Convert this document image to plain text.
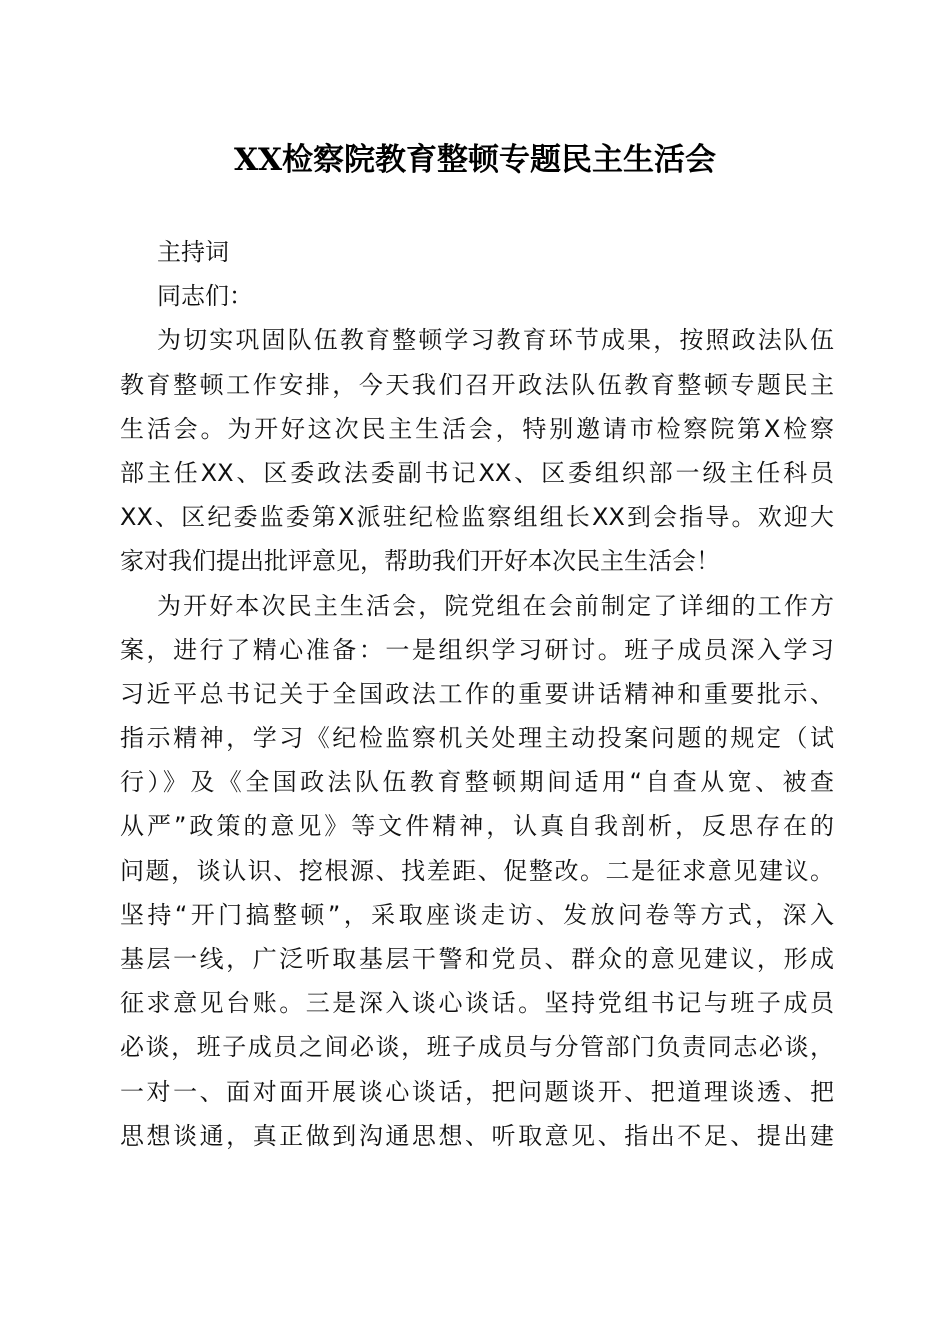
XX检察院教育整顿专题民主生活会
主持词
同志们：
为切实巩固队伍教育整顿学习教育环节成果，按照政法队伍
教育整顿工作安排，今天我们召开政法队伍教育整顿专题民主
生活会。为开好这次民主生活会，特别邀请市检察院第X检察
部主任XX、区委政法委副书记XX、区委组织部一级主任科员
XX、区纪委监委第X派驻纪检监察组组长XX到会指导。欢迎大
家对我们提出批评意见，帮助我们开好本次民主生活会！
为开好本次民主生活会，院党组在会前制定了详细的工作方
案，进行了精心准备：一是组织学习研讨。班子成员深入学习
习近平总书记关于全国政法工作的重要讲话精神和重要批示、
指示精神，学习《纪检监察机关处理主动投案问题的规定（试
行）》及《全国政法队伍教育整顿期间适用“自查从宽、被查
从严”政策的意见》等文件精神，认真自我剖析，反思存在的
问题，谈认识、挖根源、找差距、促整改。二是征求意见建议。
坚持“开门搞整顿”，采取座谈走访、发放问卷等方式，深入
基层一线，广泛听取基层干警和党员、群众的意见建议，形成
征求意见台账。三是深入谈心谈话。坚持党组书记与班子成员
必谈，班子成员之间必谈，班子成员与分管部门负责同志必谈，
一对一、面对面开展谈心谈话，把问题谈开、把道理谈透、把
思想谈通，真正做到沟通思想、听取意见、指出不足、提出建
